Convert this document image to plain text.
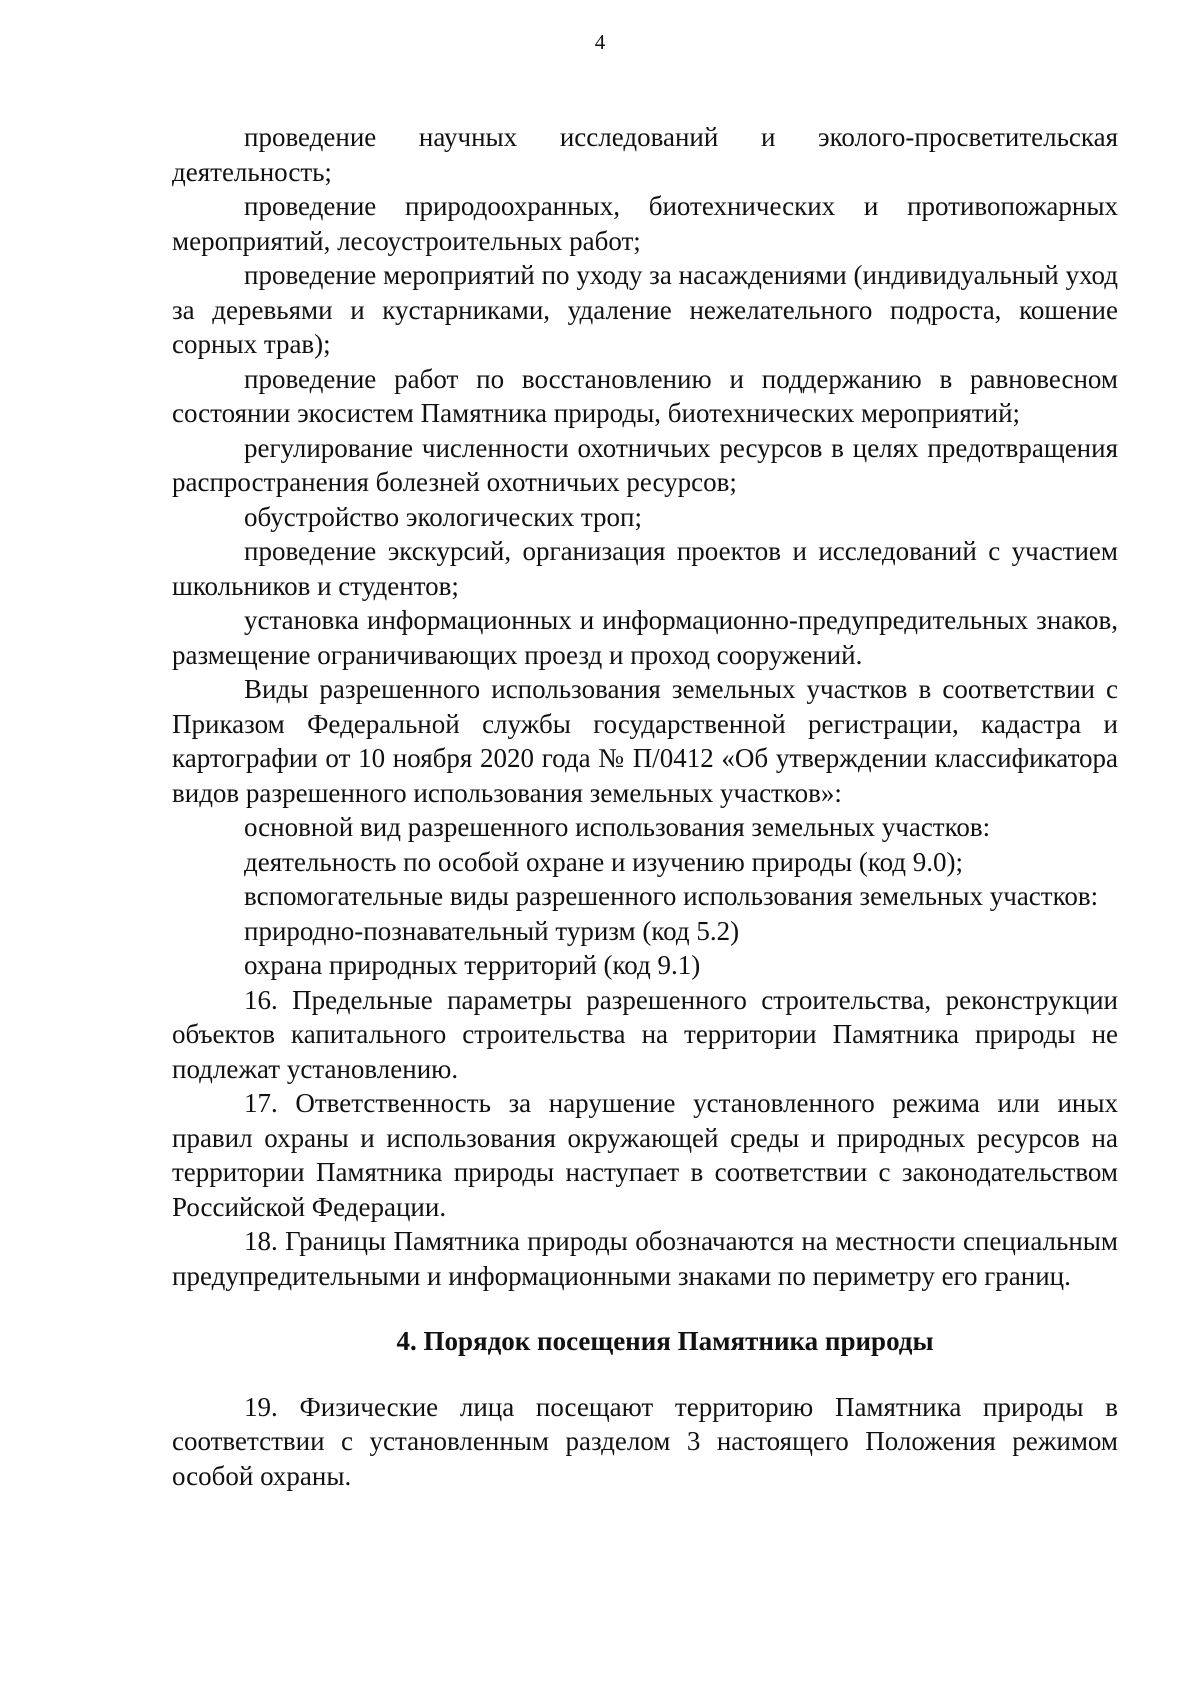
4

проведение научных исследований и эколого-просветительская деятельность;

проведение природоохранных, биотехнических и противопожарных мероприятий, лесоустроительных работ;

проведение мероприятий по уходу за насаждениями (индивидуальный уход за деревьями и кустарниками, удаление нежелательного подроста, кошение сорных трав);

проведение работ по восстановлению и поддержанию в равновесном состоянии экосистем Памятника природы, биотехнических мероприятий;

регулирование численности охотничьих ресурсов в целях предотвращения распространения болезней охотничьих ресурсов;

обустройство экологических троп;

проведение экскурсий, организация проектов и исследований с участием школьников и студентов;

установка информационных и информационно-предупредительных знаков, размещение ограничивающих проезд и проход сооружений.

Виды разрешенного использования земельных участков в соответствии с Приказом Федеральной службы государственной регистрации, кадастра и картографии от 10 ноября 2020 года № П/0412 «Об утверждении классификатора видов разрешенного использования земельных участков»:

основной вид разрешенного использования земельных участков:

деятельность по особой охране и изучению природы (код 9.0);

вспомогательные виды разрешенного использования земельных участков:

природно-познавательный туризм (код 5.2)

охрана природных территорий (код 9.1)

16. Предельные параметры разрешенного строительства, реконструкции объектов капитального строительства на территории Памятника природы не подлежат установлению.

17. Ответственность за нарушение установленного режима или иных правил охраны и использования окружающей среды и природных ресурсов на территории Памятника природы наступает в соответствии с законодательством Российской Федерации.

18. Границы Памятника природы обозначаются на местности специальным предупредительными и информационными знаками по периметру его границ.

4. Порядок посещения Памятника природы

19. Физические лица посещают территорию Памятника природы в соответствии с установленным разделом 3 настоящего Положения режимом особой охраны.
